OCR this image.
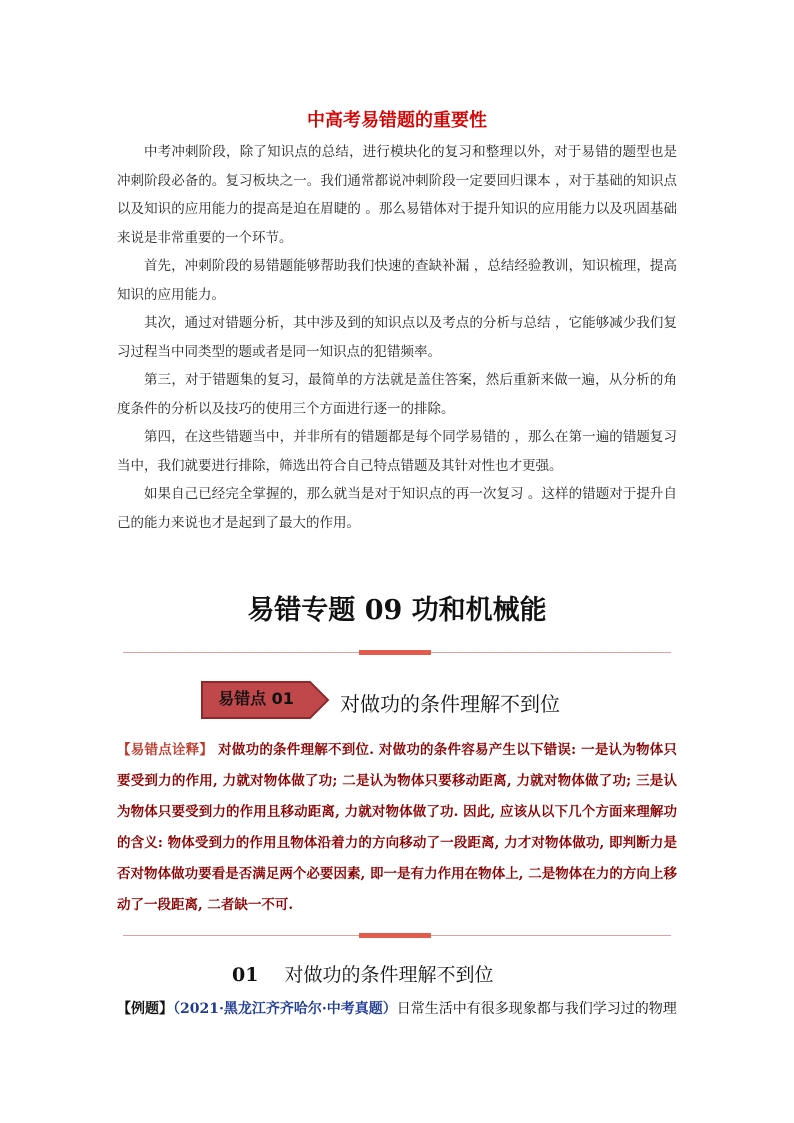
中高考易错题的重要性

中考冲刺阶段，除了知识点的总结，进行模块化的复习和整理以外，对于易错的题型也是冲刺阶段必备的。复习板块之一。我们通常都说冲刺阶段一定要回归课本 ，对于基础的知识点以及知识的应用能力的提高是迫在眉睫的 。那么易错体对于提升知识的应用能力以及巩固基础来说是非常重要的一个环节。

首先，冲刺阶段的易错题能够帮助我们快速的查缺补漏 ，总结经验教训，知识梳理，提高知识的应用能力。

其次，通过对错题分析，其中涉及到的知识点以及考点的分析与总结 ，它能够减少我们复习过程当中同类型的题或者是同一知识点的犯错频率。

第三，对于错题集的复习，最简单的方法就是盖住答案，然后重新来做一遍，从分析的角度条件的分析以及技巧的使用三个方面进行逐一的排除。

第四，在这些错题当中，并非所有的错题都是每个同学易错的 ，那么在第一遍的错题复习当中，我们就要进行排除，筛选出符合自己特点错题及其针对性也才更强。

如果自己已经完全掌握的，那么就当是对于知识点的再一次复习 。这样的错题对于提升自己的能力来说也才是起到了最大的作用。

易错专题 09 功和机械能
易错点 01	对做功的条件理解不到位
【易错点诠释】 对做功的条件理解不到位. 对做功的条件容易产生以下错误: 一是认为物体只要受到力的作用, 力就对物体做了功; 二是认为物体只要移动距离, 力就对物体做了功; 三是认为物体只要受到力的作用且移动距离, 力就对物体做了功. 因此, 应该从以下几个方面来理解功的含义: 物体受到力的作用且物体沿着力的方向移动了一段距离, 力才对物体做功, 即判断力是否对物体做功要看是否满足两个必要因素, 即一是有力作用在物体上, 二是物体在力的方向上移动了一段距离, 二者缺一不可.
01 对做功的条件理解不到位
【例题】（2021·黑龙江齐齐哈尔·中考真题）日常生活中有很多现象都与我们学习过的物理
